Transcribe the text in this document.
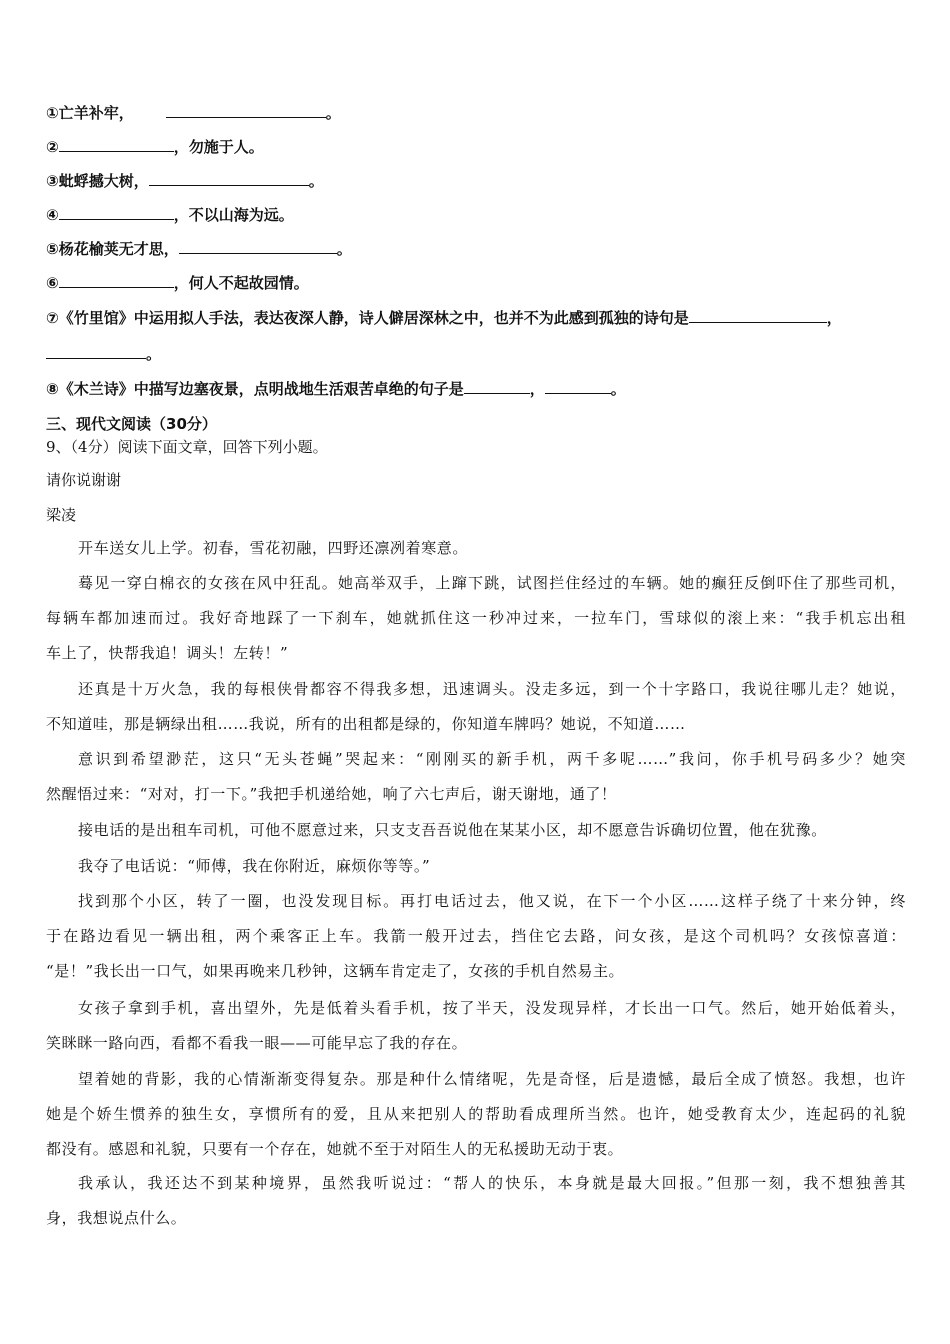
①亡羊补牢，	。
②	，勿施于人。
③蚍蜉撼大树，	。
④	，不以山海为远。
⑤杨花榆荚无才思，	。
⑥	，何人不起故园情。
⑦《竹里馆》中运用拟人手法，表达夜深人静，诗人僻居深林之中，也并不为此感到孤独的诗句是	，
。
⑧《木兰诗》中描写边塞夜景，点明战地生活艰苦卓绝的句子是	，	。
三、现代文阅读（30分）
9、（4分）阅读下面文章，回答下列小题。
请你说谢谢
梁凌
开车送女儿上学。初春，雪花初融，四野还凛冽着寒意。
蓦见一穿白棉衣的女孩在风中狂乱。她高举双手，上蹿下跳，试图拦住经过的车辆。她的癫狂反倒吓住了那些司机，
每辆车都加速而过。我好奇地踩了一下刹车，她就抓住这一秒冲过来，一拉车门，雪球似的滚上来：“我手机忘出租
车上了，快帮我追！调头！左转！”
还真是十万火急，我的每根侠骨都容不得我多想，迅速调头。没走多远，到一个十字路口，我说往哪儿走？她说，
不知道哇，那是辆绿出租……我说，所有的出租都是绿的，你知道车牌吗？她说，不知道……
意识到希望渺茫，这只“无头苍蝇”哭起来：“刚刚买的新手机，两千多呢……”我问，你手机号码多少？她突
然醒悟过来：“对对，打一下。”我把手机递给她，响了六七声后，谢天谢地，通了！
接电话的是出租车司机，可他不愿意过来，只支支吾吾说他在某某小区，却不愿意告诉确切位置，他在犹豫。
我夺了电话说：“师傅，我在你附近，麻烦你等等。”
找到那个小区，转了一圈，也没发现目标。再打电话过去，他又说，在下一个小区……这样子绕了十来分钟，终
于在路边看见一辆出租，两个乘客正上车。我箭一般开过去，挡住它去路，问女孩，是这个司机吗？女孩惊喜道：
“是！”我长出一口气，如果再晚来几秒钟，这辆车肯定走了，女孩的手机自然易主。
女孩子拿到手机，喜出望外，先是低着头看手机，按了半天，没发现异样，才长出一口气。然后，她开始低着头，
笑眯眯一路向西，看都不看我一眼——可能早忘了我的存在。
望着她的背影，我的心情渐渐变得复杂。那是种什么情绪呢，先是奇怪，后是遗憾，最后全成了愤怒。我想，也许
她是个娇生惯养的独生女，享惯所有的爱，且从来把别人的帮助看成理所当然。也许，她受教育太少，连起码的礼貌
都没有。感恩和礼貌，只要有一个存在，她就不至于对陌生人的无私援助无动于衷。
我承认，我还达不到某种境界，虽然我听说过：“帮人的快乐，本身就是最大回报。”但那一刻，我不想独善其
身，我想说点什么。
